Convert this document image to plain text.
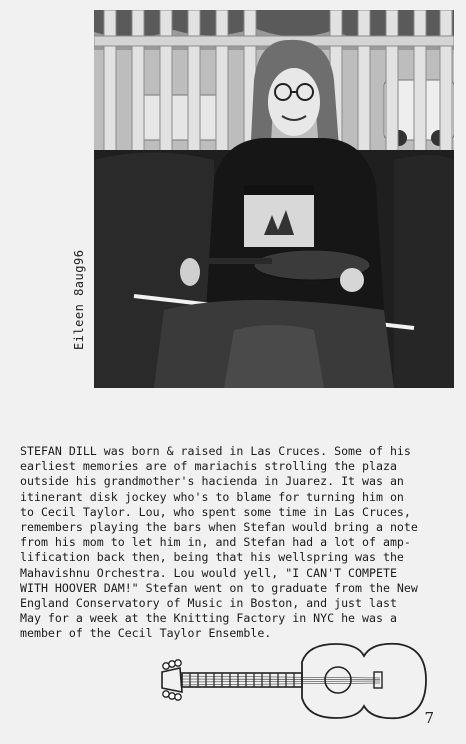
Eileen 8aug96
STEFAN DILL was born & raised in Las Cruces. Some of his
earliest memories are of mariachis strolling the plaza
outside his grandmother's hacienda in Juarez. It was an
itinerant disk jockey who's to blame for turning him on
to Cecil Taylor. Lou, who spent some time in Las Cruces,
remembers playing the bars when Stefan would bring a note
from his mom to let him in, and Stefan had a lot of amp-
lification back then, being that his wellspring was the
Mahavishnu Orchestra. Lou would yell, "I CAN'T COMPETE
WITH HOOVER DAM!" Stefan went on to graduate from the New
England Conservatory of Music in Boston, and just last
May for a week at the Knitting Factory in NYC he was a
member of the Cecil Taylor Ensemble.
7
